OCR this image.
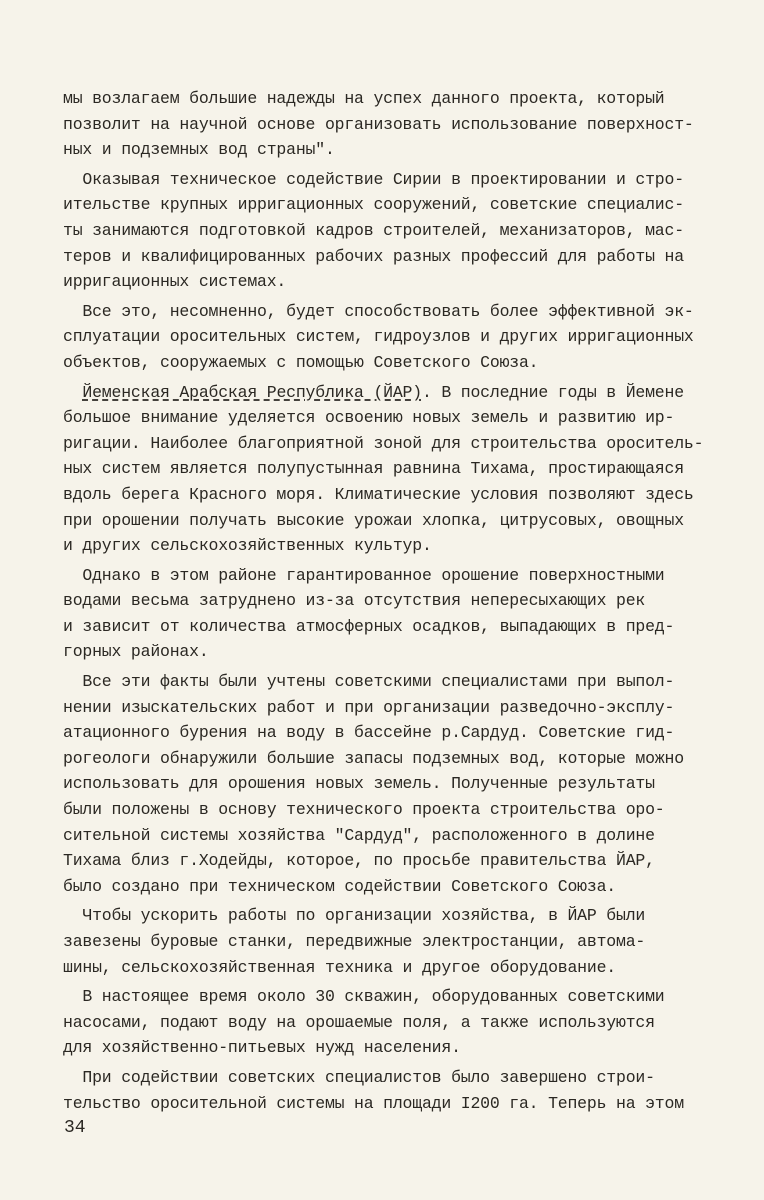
мы возлагаем большие надежды на успех данного проекта, который
позволит на научной основе организовать использование поверхност-
ных и подземных вод страны".
Оказывая техническое содействие Сирии в проектировании и стро-
ительстве крупных ирригационных сооружений, советские специалис-
ты занимаются подготовкой кадров строителей, механизаторов, мас-
теров и квалифицированных рабочих разных профессий для работы на
ирригационных системах.
Все это, несомненно, будет способствовать более эффективной эк-
сплуатации оросительных систем, гидроузлов и других ирригационных
объектов, сооружаемых с помощью Советского Союза.
Йеменская Арабская Республика (ЙАР). В последние годы в Йемене
большое внимание уделяется освоению новых земель и развитию ир-
ригации. Наиболее благоприятной зоной для строительства ороситель-
ных систем является полупустынная равнина Тихама, простирающаяся
вдоль берега Красного моря. Климатические условия позволяют здесь
при орошении получать высокие урожаи хлопка, цитрусовых, овощных
и других сельскохозяйственных культур.
Однако в этом районе гарантированное орошение поверхностными
водами весьма затруднено из-за отсутствия непересыхающих рек
и зависит от количества атмосферных осадков, выпадающих в пред-
горных районах.
Все эти факты были учтены советскими специалистами при выпол-
нении изыскательских работ и при организации разведочно-эксплу-
атационного бурения на воду в бассейне р.Сардуд. Советские гид-
рогеологи обнаружили большие запасы подземных вод, которые можно
использовать для орошения новых земель. Полученные результаты
были положены в основу технического проекта строительства оро-
сительной системы хозяйства "Сардуд", расположенного в долине
Тихама близ г.Ходейды, которое, по просьбе правительства ЙАР,
было создано при техническом содействии Советского Союза.
Чтобы ускорить работы по организации хозяйства, в ЙАР были
завезены буровые станки, передвижные электростанции, автома-
шины, сельскохозяйственная техника и другое оборудование.
В настоящее время около 30 скважин, оборудованных советскими
насосами, подают воду на орошаемые поля, а также используются
для хозяйственно-питьевых нужд населения.
При содействии советских специалистов было завершено строи-
тельство оросительной системы на площади I200 га. Теперь на этом
34
